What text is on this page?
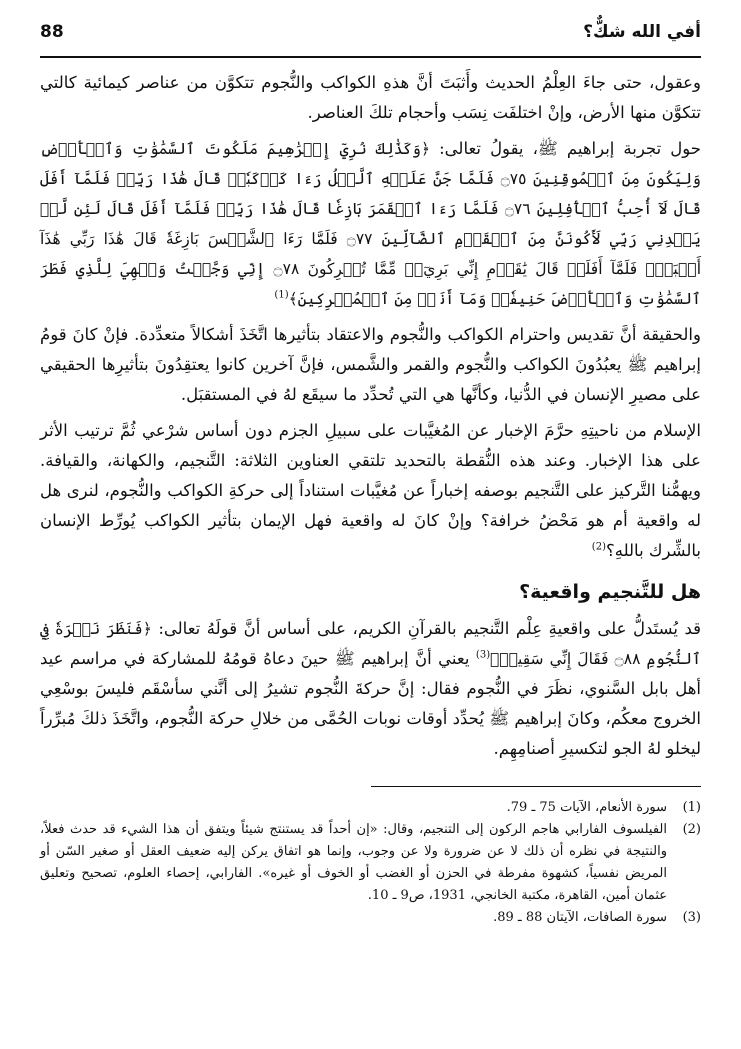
أفي الله شكٌّ؟
88

وعقول، حتى جاءَ العِلْمُ الحديث وأَثبَتَ أنَّ هذهِ الكواكب والنُّجوم تتكوَّن من عناصر كيمائية كالتي تتكوَّن منها الأرض، وإنْ اختلفَت نِسَب وأحجام تلكَ العناصر.

حول تجربة إبراهيم ﷺ، يقولُ تعالى: ﴿وَكَذَٰلِكَ نُرِيٓ إِبۡرَٰهِيمَ مَلَكُوتَ ٱلسَّمَٰوَٰتِ وَٱلۡأَرۡضِ وَلِيَكُونَ مِنَ ٱلۡمُوقِنِينَ ۝٧٥ فَلَمَّا جَنَّ عَلَيۡهِ ٱلَّيۡلُ رَءَا كَوۡكَبٗاۖ قَالَ هَٰذَا رَبِّيۖ فَلَمَّآ أَفَلَ قَالَ لَآ أُحِبُّ ٱلۡأٓفِلِينَ ۝٧٦ فَلَمَّا رَءَا ٱلۡقَمَرَ بَازِغٗا قَالَ هَٰذَا رَبِّيۖ فَلَمَّآ أَفَلَ قَالَ لَئِن لَّمۡ يَهۡدِنِي رَبِّي لَأَكُونَنَّ مِنَ ٱلۡقَوۡمِ ٱلضَّآلِّينَ ۝٧٧ فَلَمَّا رَءَا ٱلشَّمۡسَ بَازِغَةٗ قَالَ هَٰذَا رَبِّي هَٰذَآ أَكۡبَرُۖ فَلَمَّآ أَفَلَتۡ قَالَ يَٰقَوۡمِ إِنِّي بَرِيٓءٞ مِّمَّا تُشۡرِكُونَ ۝٧٨ إِنِّي وَجَّهۡتُ وَجۡهِيَ لِلَّذِي فَطَرَ ٱلسَّمَٰوَٰتِ وَٱلۡأَرۡضَ حَنِيفٗاۖ وَمَآ أَنَا۠ مِنَ ٱلۡمُشۡرِكِينَ﴾$^{(1)}$

والحقيقة أنَّ تقديس واحترام الكواكب والنُّجوم والاعتقاد بتأثيرها اتَّخَذَ أشكالاً متعدِّدة. فإنْ كانَ قومُ إبراهيم ﷺ يعبُدُونَ الكواكب والنُّجوم والقمر والشَّمس، فإنَّ آخرين كانوا يعتقِدُونَ بتأثيرِها الحقيقي على مصيرِ الإنسان في الدُّنيا، وكأنَّها هي التي تُحدِّد ما سيقَع لهُ في المستقبَل.

الإسلام من ناحيتِهِ حرَّمَ الإخبار عن المُغيَّبات على سبيلِ الجزم دون أساس شرْعي ثُمَّ ترتيب الأثر على هذا الإخبار. وعند هذه النُّقطة بالتحديد تلتقي العناوين الثلاثة: التَّنجيم، والكهانة، والقيافة. ويهمُّنا التَّركيز على التَّنجيم بوصفه إخباراً عن مُغيَّبات استناداً إلى حركةِ الكواكب والنُّجوم، لنرى هل له واقعية أم هو مَحْضُ خرافة؟ وإنْ كانَ له واقعية فهل الإيمان بتأثير الكواكب يُورِّط الإنسان بالشِّرك باللهِ؟$^{(2)}$

هل للتَّنجيم واقعية؟

قد يُستَدلُّ على واقعيةِ عِلْم التَّنجيم بالقرآنِ الكريم، على أساس أنَّ قولَهُ تعالى: ﴿فَنَظَرَ نَظۡرَةٗ فِي ٱلنُّجُومِ ۝٨٨ فَقَالَ إِنِّي سَقِيمٞ﴾$^{(3)}$ يعني أنَّ إبراهيم ﷺ حينَ دعاهُ قومُهُ للمشاركة في مراسم عيد أهل بابل السَّنوي، نظَرَ في النُّجوم فقال: إنَّ حركةَ النُّجوم تشيرُ إلى أنَّني سأسْقَم فليسَ بوسْعِي الخروج معكُم، وكانَ إبراهيم ﷺ يُحدِّد أوقات نوبات الحُمَّى من خلالِ حركة النُّجوم، واتَّخَذَ ذلكَ مُبرِّراً ليخلو لهُ الجو لتكسيرِ أصنامِهِم.

(1)
سورة الأنعام، الآيات 75 ـ 79.
(2)
الفيلسوف الفارابي هاجم الركون إلى التنجيم، وقال: «إن أحداً قد يستنتج شيئاً ويتفق أن هذا الشيء قد حدث فعلاً، والنتيجة في نظره أن ذلك لا عن ضرورة ولا عن وجوب، وإنما هو اتفاق يركن إليه ضعيف العقل أو صغير السّن أو المريض نفسياً، كشهوة مفرطة في الحزن أو الغضب أو الخوف أو غيره». الفارابي، إحصاء العلوم، تصحيح وتعليق عثمان أمين، القاهرة، مكتبة الخانجي، 1931، ص9 ـ 10.
(3)
سورة الصافات، الآيتان 88 ـ 89.
